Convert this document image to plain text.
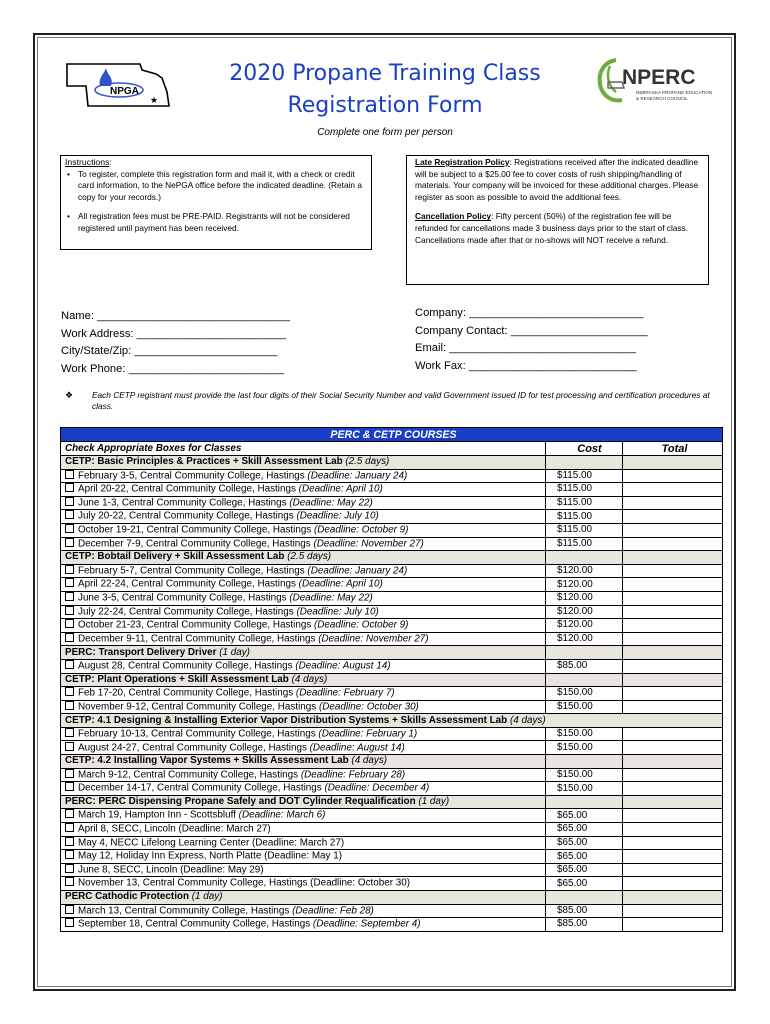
NPGA
★
2020 Propane Training Class
Registration Form
Complete one form per person
NPERC
NEBRASKA PROPANE EDUCATION
& RESEARCH COUNCIL
Instructions:
• To register, complete this registration form and mail it, with a check or credit card information, to the NePGA office before the indicated deadline. (Retain a copy for your records.)
• All registration fees must be PRE-PAID. Registrants will not be considered registered until payment has been received.
Late Registration Policy: Registrations received after the indicated deadline will be subject to a $25.00 fee to cover costs of rush shipping/handling of materials. Your company will be invoiced for these additional charges. Please register as soon as possible to avoid the additional fees.
Cancellation Policy: Fifty percent (50%) of the registration fee will be refunded for cancellations made 3 business days prior to the start of class. Cancellations made after that or no-shows will NOT receive a refund.
Name: _______________________________
Work Address: ________________________
City/State/Zip: _______________________
Work Phone: _________________________
Company: ____________________________
Company Contact: ______________________
Email: ______________________________
Work Fax: ___________________________
❖	Each CETP registrant must provide the last four digits of their Social Security Number and valid Government issued ID for test processing and certification procedures at class.
PERC & CETP COURSES		
Check Appropriate Boxes for Classes	Cost	Total
CETP: Basic Principles & Practices + Skill Assessment Lab (2.5 days)		
February 3-5, Central Community College, Hastings (Deadline: January 24)	$115.00	
April 20-22, Central Community College, Hastings (Deadline: April 10)	$115.00	
June 1-3, Central Community College, Hastings (Deadline: May 22)	$115.00	
July 20-22, Central Community College, Hastings (Deadline: July 10)	$115.00	
October 19-21, Central Community College, Hastings (Deadline: October 9)	$115.00	
December 7-9, Central Community College, Hastings (Deadline: November 27)	$115.00	
CETP: Bobtail Delivery + Skill Assessment Lab (2.5 days)		
February 5-7, Central Community College, Hastings (Deadline: January 24)	$120.00	
April 22-24, Central Community College, Hastings (Deadline: April 10)	$120.00	
June 3-5, Central Community College, Hastings (Deadline: May 22)	$120.00	
July 22-24, Central Community College, Hastings (Deadline: July 10)	$120.00	
October 21-23, Central Community College, Hastings (Deadline: October 9)	$120.00	
December 9-11, Central Community College, Hastings (Deadline: November 27)	$120.00	
PERC: Transport Delivery Driver (1 day)		
August 28, Central Community College, Hastings (Deadline: August 14)	$85.00	
CETP: Plant Operations + Skill Assessment Lab (4 days)		
Feb 17-20, Central Community College, Hastings (Deadline: February 7)	$150.00	
November 9-12, Central Community College, Hastings (Deadline: October 30)	$150.00	
CETP: 4.1 Designing & Installing Exterior Vapor Distribution Systems + Skills Assessment Lab (4 days)		
February 10-13, Central Community College, Hastings (Deadline: February 1)	$150.00	
August 24-27, Central Community College, Hastings (Deadline: August 14)	$150.00	
CETP: 4.2 Installing Vapor Systems + Skills Assessment Lab (4 days)		
March 9-12, Central Community College, Hastings (Deadline: February 28)	$150.00	
December 14-17, Central Community College, Hastings (Deadline: December 4)	$150.00	
PERC: PERC Dispensing Propane Safely and DOT Cylinder Requalification (1 day)		
March 19, Hampton Inn - Scottsbluff (Deadline: March 6)	$65.00	
April 8, SECC, Lincoln (Deadline: March 27)	$65.00	
May 4, NECC Lifelong Learning Center (Deadline: March 27)	$65.00	
May 12, Holiday Inn Express, North Platte (Deadline: May 1)	$65.00	
June 8, SECC, Lincoln (Deadline: May 29)	$65.00	
November 13, Central Community College, Hastings (Deadline: October 30)	$65.00	
PERC Cathodic Protection (1 day)		
March 13, Central Community College, Hastings (Deadline: Feb 28)	$85.00	
September 18, Central Community College, Hastings (Deadline: September 4)	$85.00	
